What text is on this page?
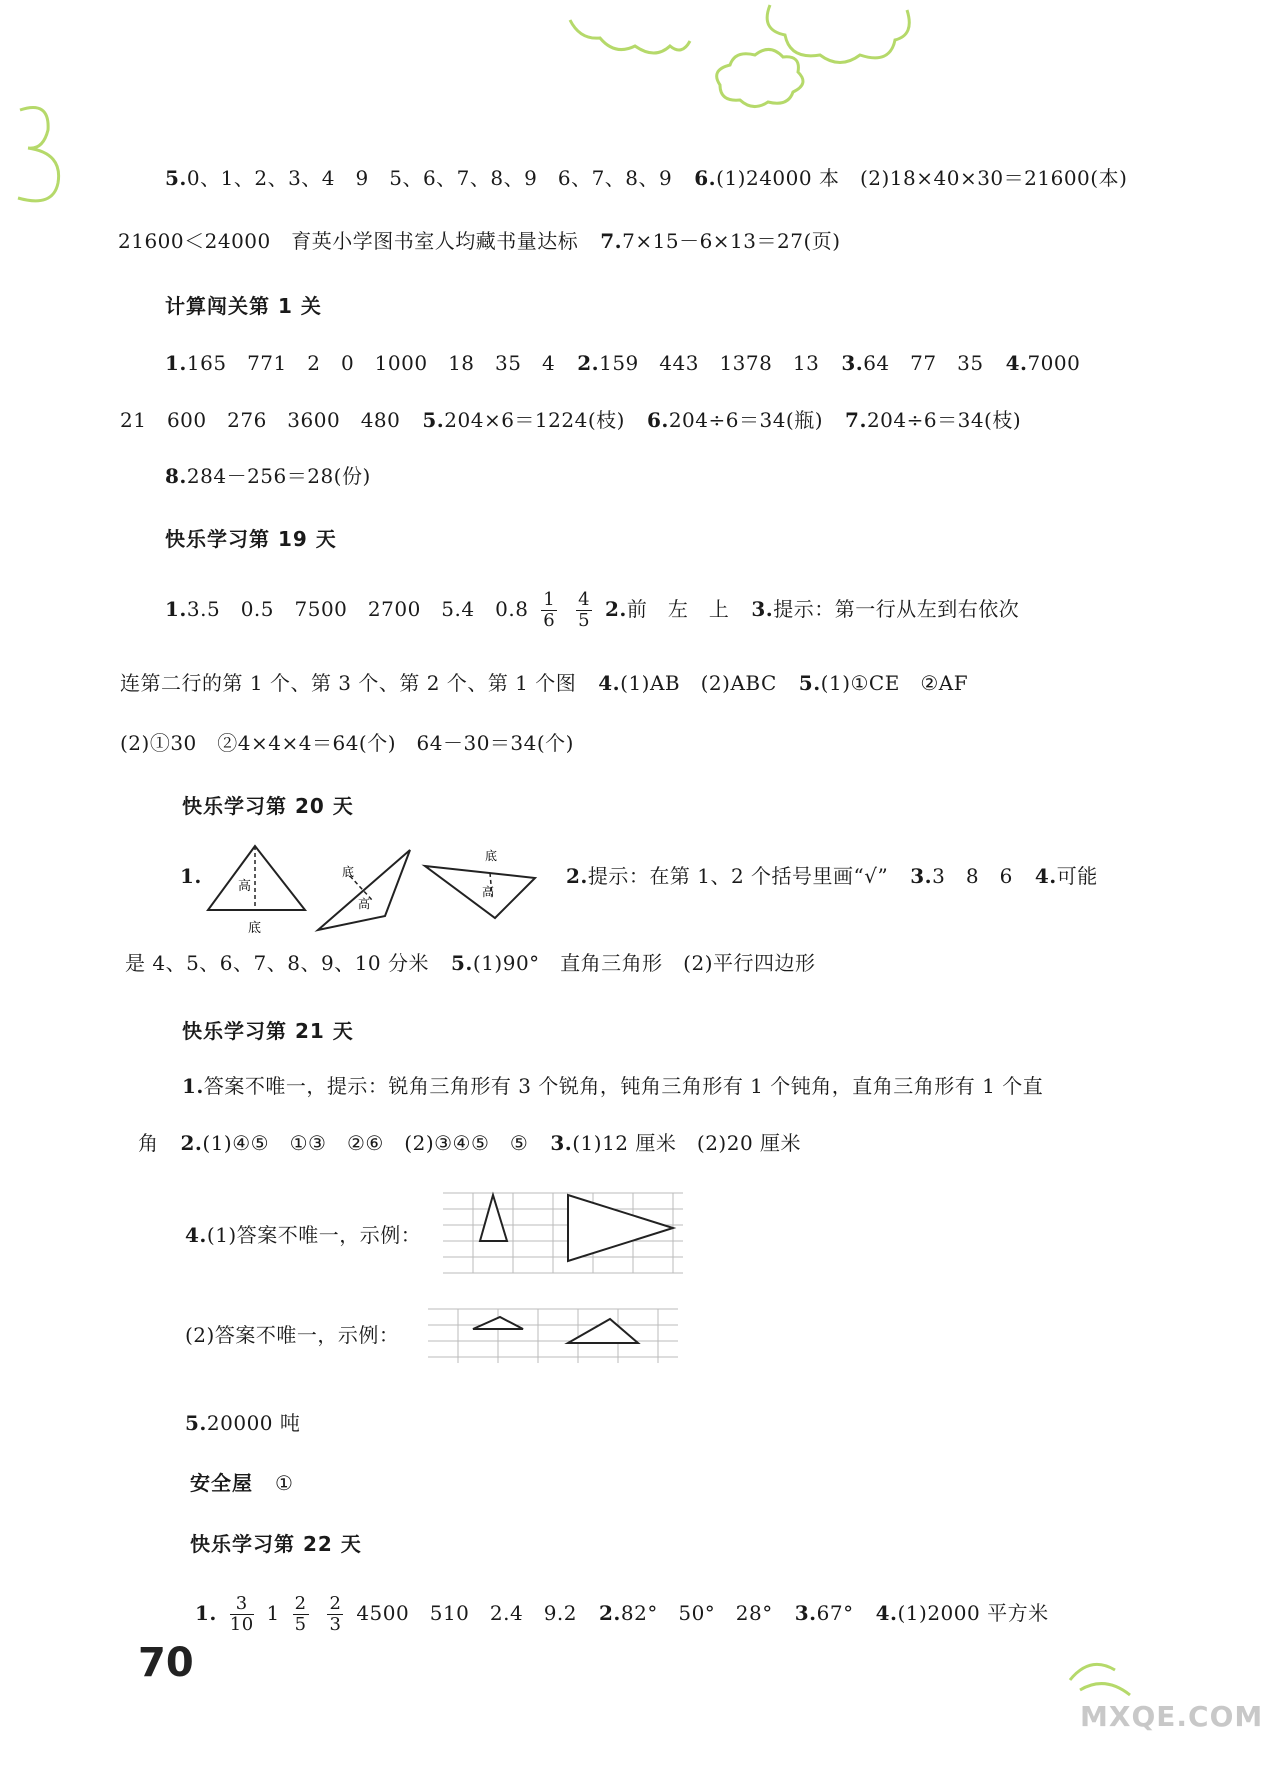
5.0、1、2、3、4　9　5、6、7、8、9　6、7、8、9 6.(1)24000 本　(2)18×40×30＝21600(本)
21600＜24000　育英小学图书室人均藏书量达标 7.7×15－6×13＝27(页)
计算闯关第 1 关
1.165　771　2　0　1000　18　35　4 2.159　443　1378　13 3.64　77　35 4.7000
21　600　276　3600　480 5.204×6＝1224(枝) 6.204÷6＝34(瓶) 7.204÷6＝34(枝)
8.284－256＝28(份)
快乐学习第 19 天
1.3.5　0.5　7500　2700　5.4　$0.8 \frac{1}{6}$
$\frac{4}{5} 2$.前　左　上 3.提示：第一行从左到右依次
连第二行的第 1 个、第 3 个、第 2 个、第 1 个图 4.(1)AB　(2)ABC 5.(1)①CE　②AF
(2)①30　②4×4×4＝64(个)　64－30＝34(个)
快乐学习第 20 天
1.	高
底
底
高
底
高
2.提示：在第 1、2 个括号里画“√” 3.3　8　6 4.可能
是 4、5、6、7、8、9、10 分米 5.(1)90°　直角三角形　(2)平行四边形
快乐学习第 21 天
1.答案不唯一，提示：锐角三角形有 3 个锐角，钝角三角形有 1 个钝角，直角三角形有 1 个直
角 2.(1)④⑤　①③　②⑥　(2)③④⑤　⑤ 3.(1)12 厘米　(2)20 厘米
4.(1)答案不唯一，示例：
(2)答案不唯一，示例：
5.20000 吨
安全屋 ①
快乐学习第 22 天
1. $\frac{3}{10} 1 \frac{2}{5}$
$\frac{2}{3} 4500$　510　2.4　9.2 2.82°　50°　28° 3.67° 4.(1)2000 平方米
70
MXQE.COM
